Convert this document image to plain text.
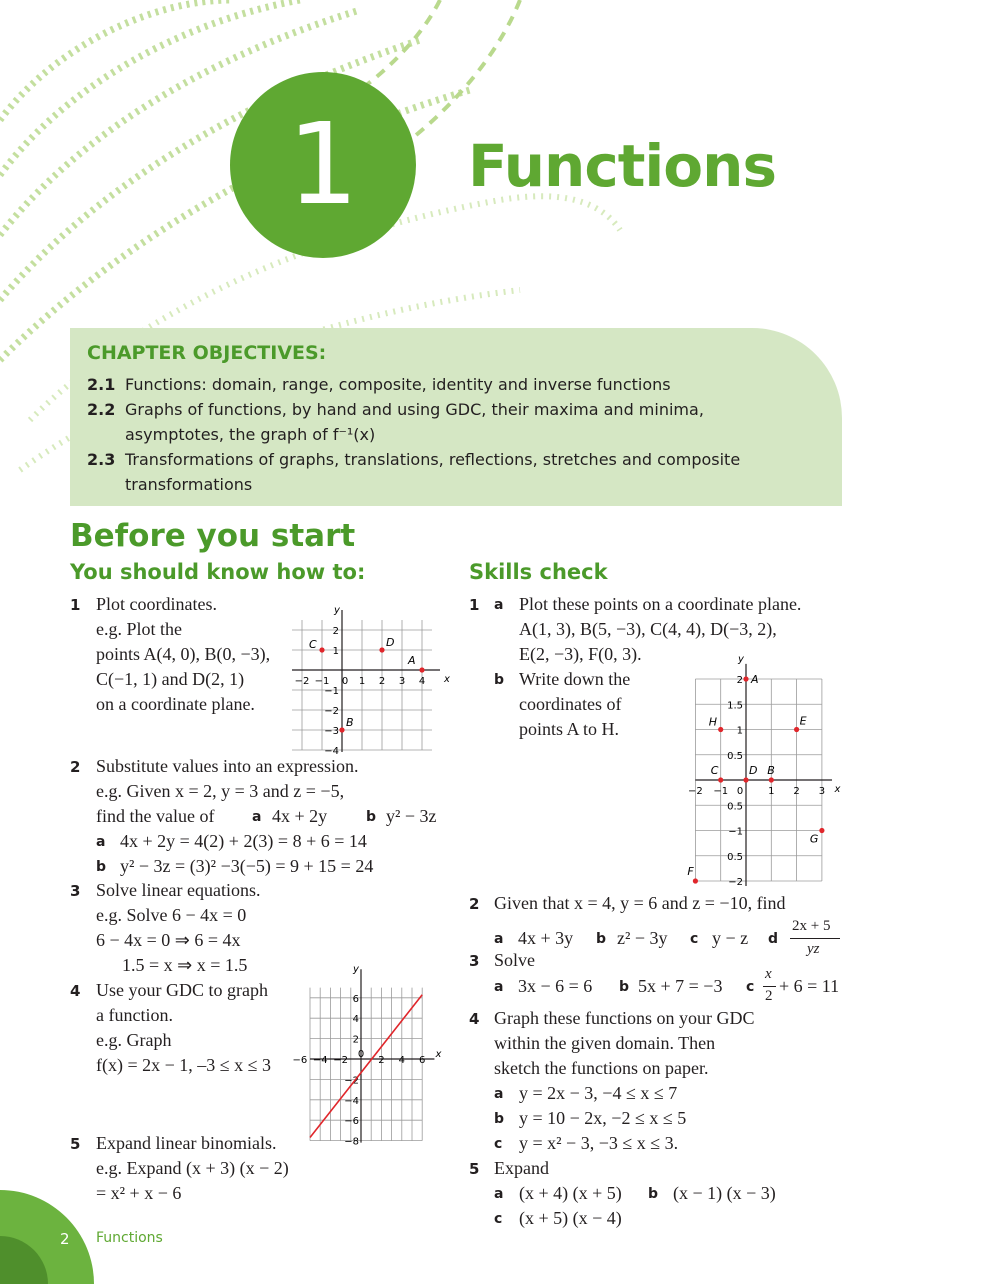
1	Functions
CHAPTER OBJECTIVES:
2.1 Functions: domain, range, composite, identity and inverse functions
2.2 Graphs of functions, by hand and using GDC, their maxima and minima,
asymptotes, the graph of f⁻¹(x)
2.3 Transformations of graphs, translations, reflections, stretches and composite
transformations
Before you start
You should know how to:	Skills check
1 Plot coordinates.
e.g. Plot the
points A(4, 0), B(0, −3),
C(−1, 1) and D(2, 1)
on a coordinate plane.
x
y
−2 −1 0 1 2 3 4
2
1
−1
−2
−3
−4
A
B
C	D
2 Substitute values into an expression.
e.g. Given x = 2, y = 3 and z = −5,
find the value of	a 4x + 2y	b y² − 3z
a 4x + 2y = 4(2) + 2(3) = 8 + 6 = 14
b y² − 3z = (3)² −3(−5) = 9 + 15 = 24
3 Solve linear equations.
e.g. Solve 6 − 4x = 0
6 − 4x = 0 ⇒ 6 = 4x
1.5 = x ⇒ x = 1.5
4 Use your GDC to graph
a function.
e.g. Graph
f(x) = 2x − 1, –3 ≤ x ≤ 3
x
y
−6 −4 −2
0
2 4 6
6
4
2
−2
−4
−6
−8
5 Expand linear binomials.
e.g. Expand (x + 3) (x − 2)
= x² + x − 6
1 a Plot these points on a coordinate plane.
A(1, 3), B(5, −3), C(4, 4), D(−3, 2),
E(2, −3), F(0, 3).
b Write down the
coordinates of
points A to H.
x
y
−2 −1 0 1 2 3
2
1.5
1
0.5
0.5
−1
0.5
−2
A
B
C	D
E
F
G
H
2 Given that x = 4, y = 6 and z = −10, find
a 4x + 3y b z² − 3y c y − z d
2x + 5
yz
3 Solve
a 3x − 6 = 6 b 5x + 7 = −3 c
x
2 + 6 = 11
4 Graph these functions on your GDC
within the given domain. Then
sketch the functions on paper.
a y = 2x − 3, −4 ≤ x ≤ 7
b y = 10 − 2x, −2 ≤ x ≤ 5
c y = x² − 3, −3 ≤ x ≤ 3.
5 Expand
a (x + 4) (x + 5) b (x − 1) (x − 3)
c (x + 5) (x − 4)
2 Functions
